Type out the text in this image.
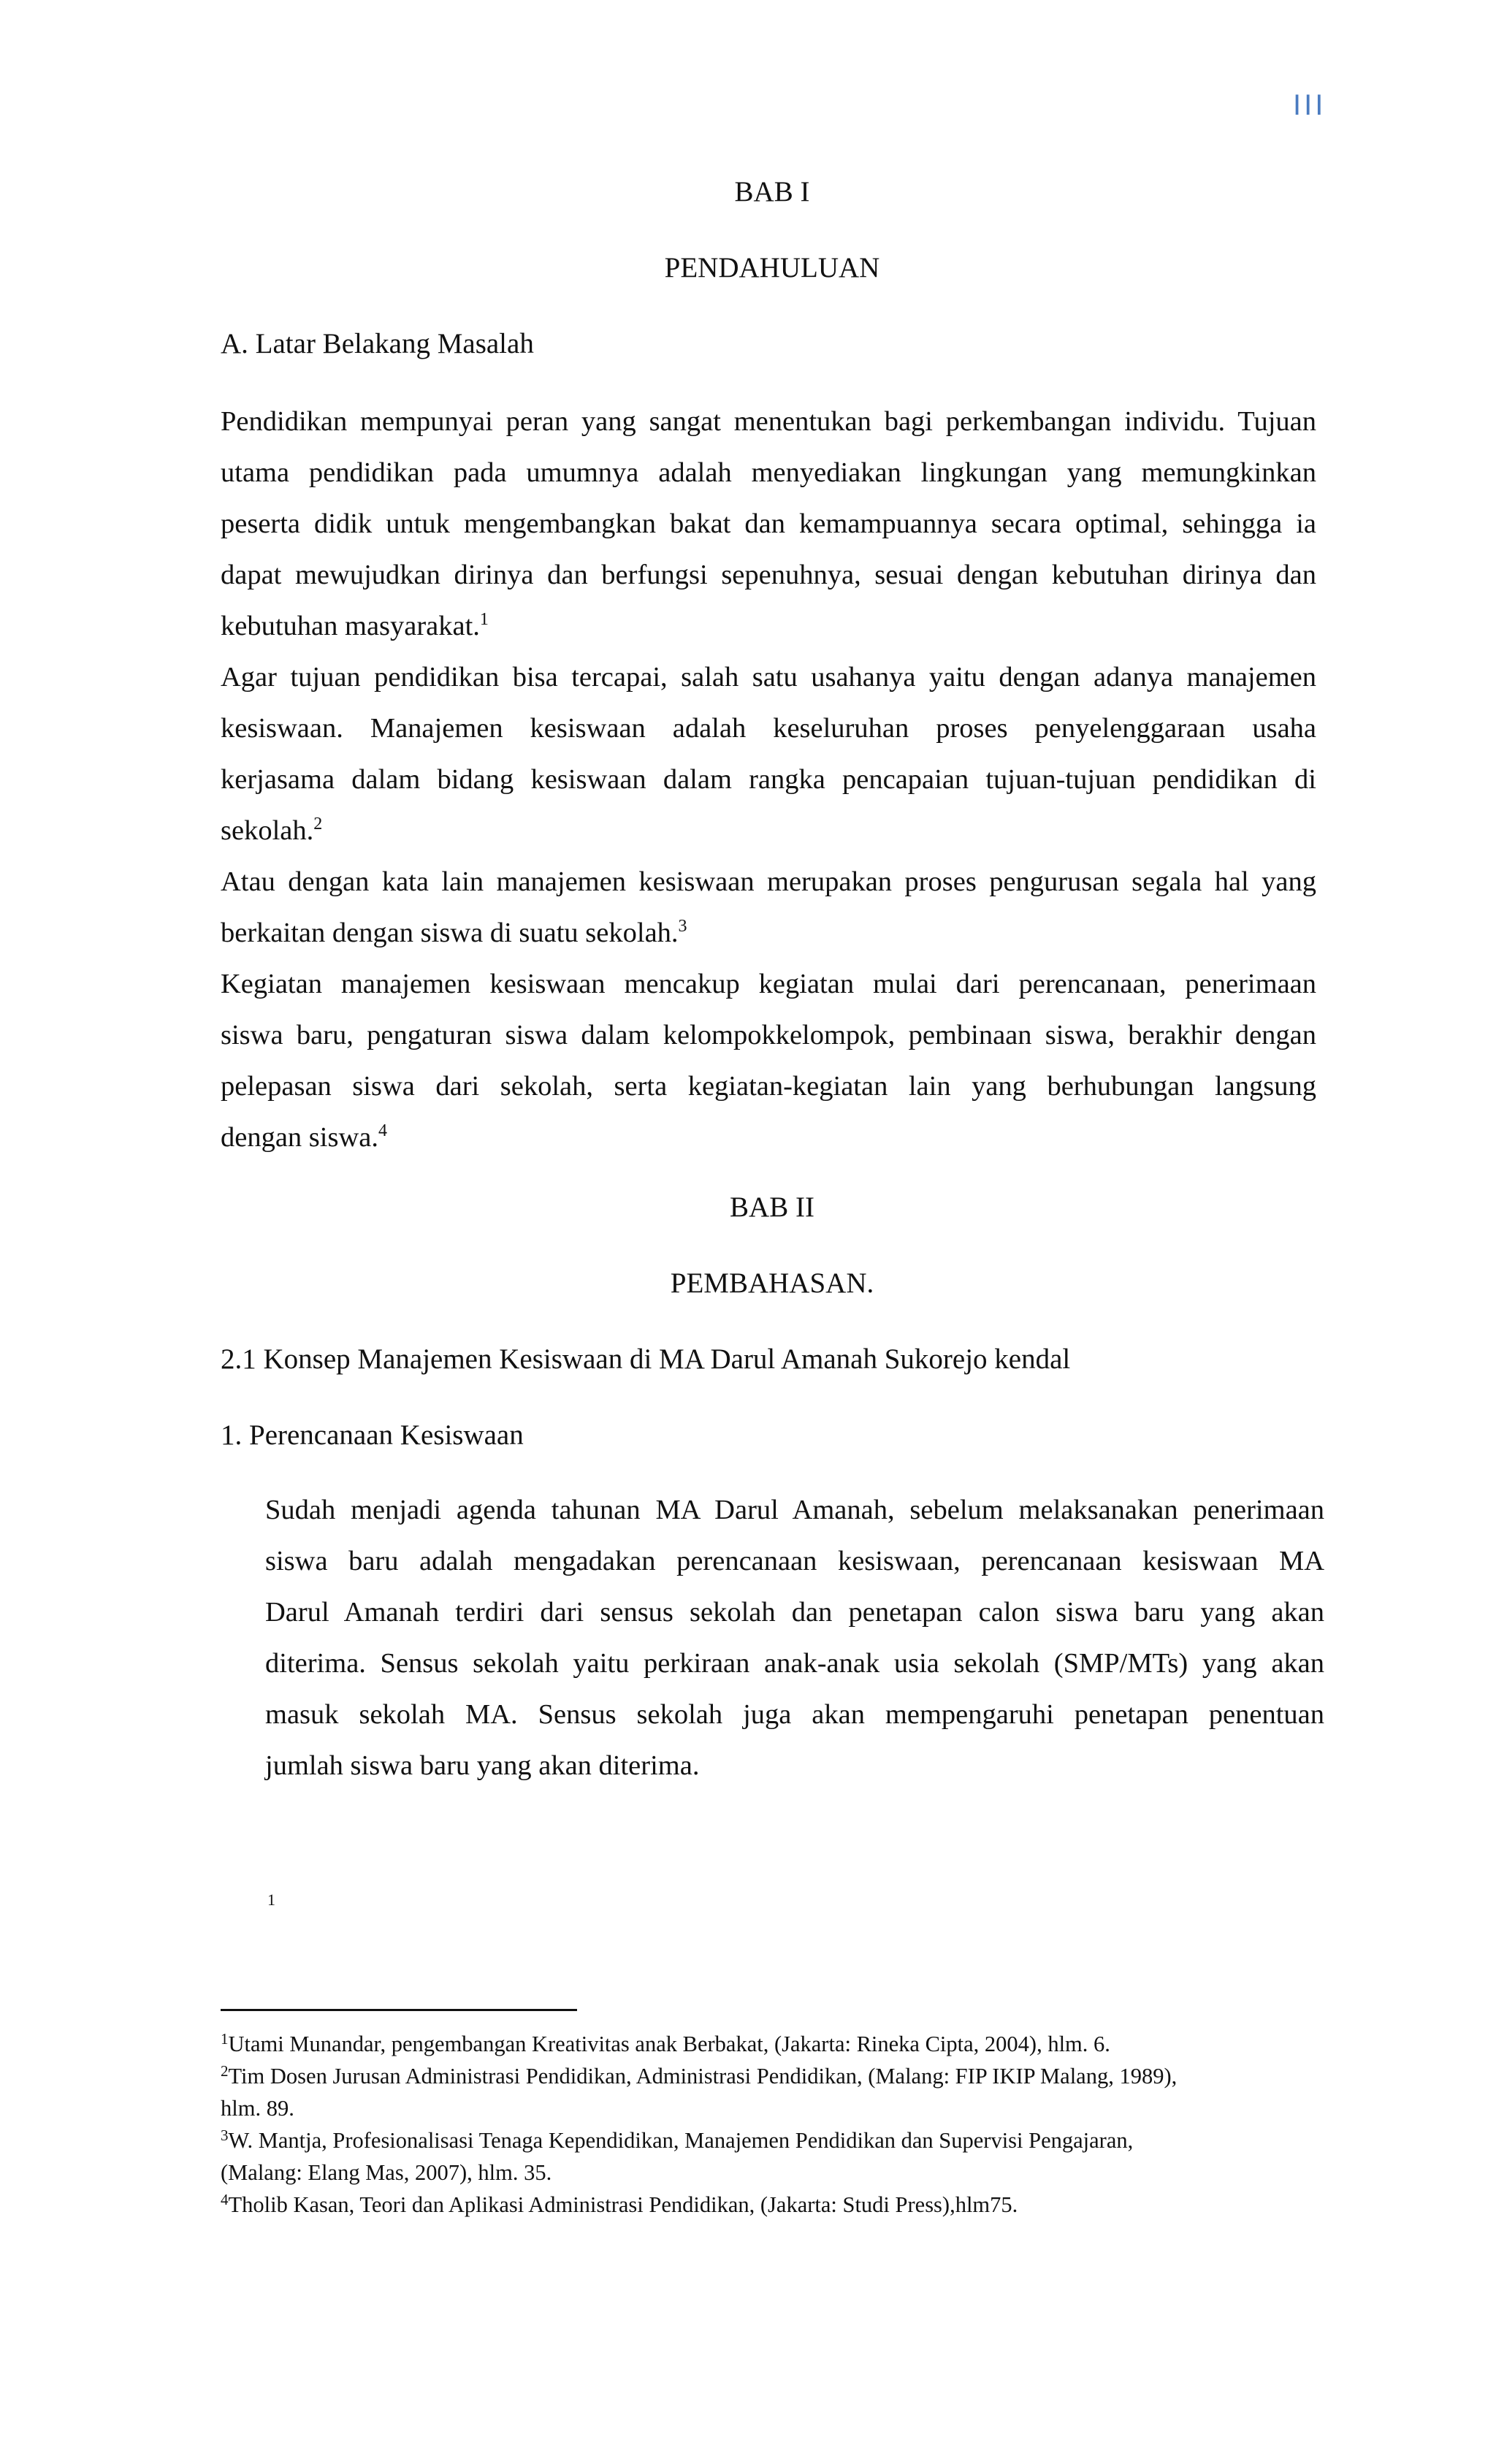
III
BAB I
PENDAHULUAN
A. Latar Belakang Masalah
Pendidikan mempunyai peran yang sangat menentukan bagi perkembangan individu. Tujuan
utama pendidikan pada umumnya adalah menyediakan lingkungan yang memungkinkan
peserta didik untuk mengembangkan bakat dan kemampuannya secara optimal, sehingga ia
dapat mewujudkan dirinya dan berfungsi sepenuhnya, sesuai dengan kebutuhan dirinya dan
kebutuhan masyarakat.$^1$
Agar tujuan pendidikan bisa tercapai, salah satu usahanya yaitu dengan adanya manajemen
kesiswaan. Manajemen kesiswaan adalah keseluruhan proses penyelenggaraan usaha
kerjasama dalam bidang kesiswaan dalam rangka pencapaian tujuan-tujuan pendidikan di
sekolah.$^2$
Atau dengan kata lain manajemen kesiswaan merupakan proses pengurusan segala hal yang
berkaitan dengan siswa di suatu sekolah.$^3$
Kegiatan manajemen kesiswaan mencakup kegiatan mulai dari perencanaan, penerimaan
siswa baru, pengaturan siswa dalam kelompokkelompok, pembinaan siswa, berakhir dengan
pelepasan siswa dari sekolah, serta kegiatan-kegiatan lain yang berhubungan langsung
dengan siswa.$^4$
BAB II
PEMBAHASAN.
2.1 Konsep Manajemen Kesiswaan di MA Darul Amanah Sukorejo kendal
1. Perencanaan Kesiswaan
Sudah menjadi agenda tahunan MA Darul Amanah, sebelum melaksanakan penerimaan
siswa baru adalah mengadakan perencanaan kesiswaan, perencanaan kesiswaan MA
Darul Amanah terdiri dari sensus sekolah dan penetapan calon siswa baru yang akan
diterima. Sensus sekolah yaitu perkiraan anak-anak usia sekolah (SMP/MTs) yang akan
masuk sekolah MA. Sensus sekolah juga akan mempengaruhi penetapan penentuan
jumlah siswa baru yang akan diterima.
1
$^1$Utami Munandar, pengembangan Kreativitas anak Berbakat, (Jakarta: Rineka Cipta, 2004), hlm. 6.
$^2$Tim Dosen Jurusan Administrasi Pendidikan, Administrasi Pendidikan, (Malang: FIP IKIP Malang, 1989),
hlm. 89.
$^3$W. Mantja, Profesionalisasi Tenaga Kependidikan, Manajemen Pendidikan dan Supervisi Pengajaran,
(Malang: Elang Mas, 2007), hlm. 35.
$^4$Tholib Kasan, Teori dan Aplikasi Administrasi Pendidikan, (Jakarta: Studi Press),hlm75.
